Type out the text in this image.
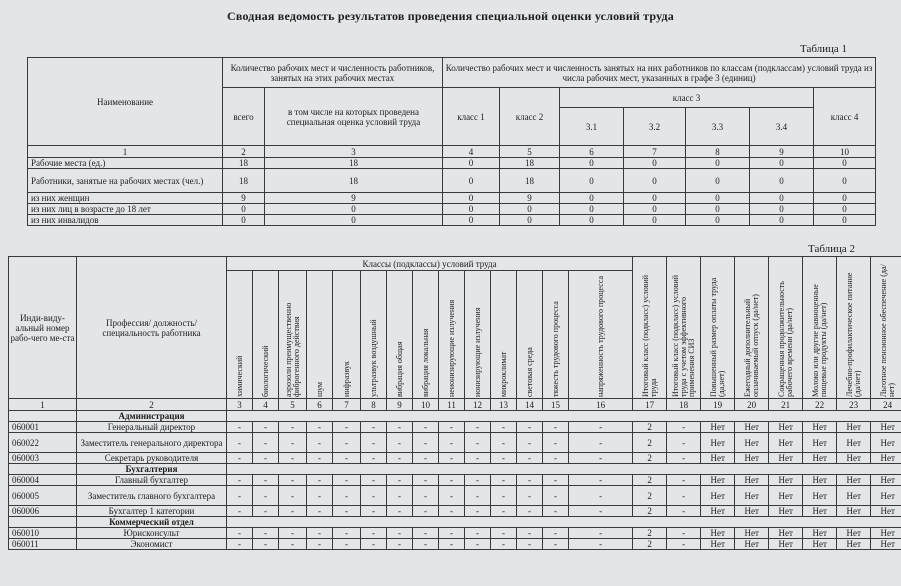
Сводная ведомость результатов проведения специальной оценки условий труда
Таблица 1
Таблица 2
Наименование	Количество рабочих мест и численность работников, занятых на этих рабочих местах		Количество рабочих мест и численность занятых на них работников по классам (подклассам) условий труда из числа рабочих мест, указанных в графе 3 (единиц)						
	всего	в том числе на которых проведена специальная оценка условий труда	класс 1	класс 2	класс 3				класс 4
					3.1	3.2	3.3	3.4	
1	2	3	4	5	6	7	8	9	10
Рабочие места (ед.)	18	18	0	18	0	0	0	0	0
Работники, занятые на рабочих местах (чел.)	18	18	0	18	0	0	0	0	0
из них женщин	9	9	0	9	0	0	0	0	0
из них лиц в возрасте до 18 лет	0	0	0	0	0	0	0	0	0
из них инвалидов	0	0	0	0	0	0	0	0	0
Инди-виду-альный номер рабо-чего ме-ста	Профессия/ должность/ специальность работника	Классы (подклассы) условий труда														Итоговый класс (подкласс) условий труда	Итоговый класс (подкласс) условий труда с учетом эффективного применения СИЗ	Повышенный размер оплаты труда (да,нет)	Ежегодный дополнительный оплачиваемый отпуск (да/нет)	Сокращенная продолжительность рабочего времени (да/нет)	Молоко или другие равноценные пищевые продукты (да/нет)	Лечебно-профилактическое питание (да/нет)	Льготное пенсионное обеспечение (да/нет)

		химический	биологический	аэрозоли преимущественно фиброгенного действия	шум	инфразвук	ультразвук воздушный	вибрация общая	вибрация локальная	неионизирующие излучения	ионизирующие излучения	микроклимат	световая среда	тяжесть трудового процесса	напряженность трудового процесса								

1	2	3	4	5	6	7	8	9	10	11	12	13	14	15	16	17	18	19	20	21	22	23	24
	Администрация																						
060001	Генеральный директор	-	-	-	-	-	-	-	-	-	-	-	-	-	-	2	-	Нет	Нет	Нет	Нет	Нет	Нет
060022	Заместитель генерального директора	-	-	-	-	-	-	-	-	-	-	-	-	-	-	2	-	Нет	Нет	Нет	Нет	Нет	Нет
060003	Секретарь руководителя	-	-	-	-	-	-	-	-	-	-	-	-	-	-	2	-	Нет	Нет	Нет	Нет	Нет	Нет
	Бухгалтерия																						
060004	Главный бухгалтер	-	-	-	-	-	-	-	-	-	-	-	-	-	-	2	-	Нет	Нет	Нет	Нет	Нет	Нет
060005	Заместитель главного бухгалтера	-	-	-	-	-	-	-	-	-	-	-	-	-	-	2	-	Нет	Нет	Нет	Нет	Нет	Нет
060006	Бухгалтер 1 категории	-	-	-	-	-	-	-	-	-	-	-	-	-	-	2	-	Нет	Нет	Нет	Нет	Нет	Нет
	Коммерческий отдел																						
060010	Юрисконсульт	-	-	-	-	-	-	-	-	-	-	-	-	-	-	2	-	Нет	Нет	Нет	Нет	Нет	Нет
060011	Экономист	-	-	-	-	-	-	-	-	-	-	-	-	-	-	2	-	Нет	Нет	Нет	Нет	Нет	Нет
